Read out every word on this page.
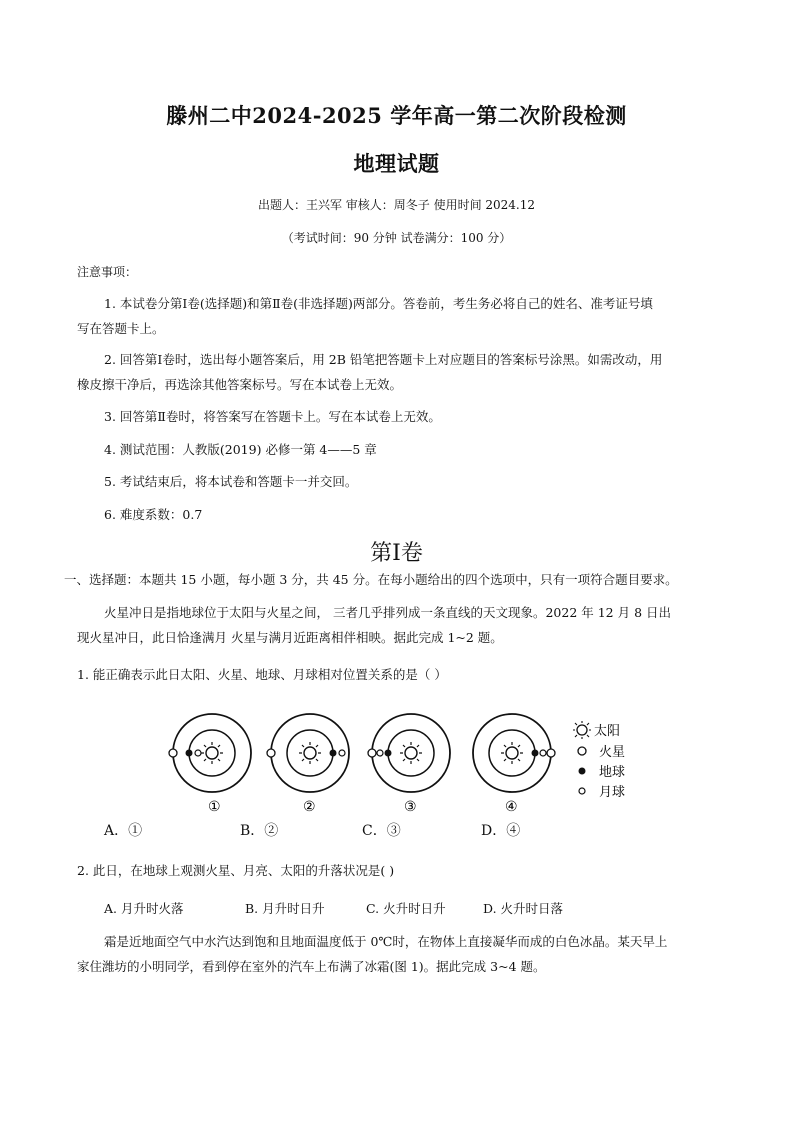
滕州二中2024-2025 学年高一第二次阶段检测
地理试题
出题人：王兴军 审核人：周冬子 使用时间 2024.12
（考试时间：90 分钟 试卷满分：100 分）
注意事项：
1. 本试卷分第Ⅰ卷(选择题)和第Ⅱ卷(非选择题)两部分。答卷前，考生务必将自己的姓名、准考证号填
写在答题卡上。
2. 回答第Ⅰ卷时，选出每小题答案后，用 2B 铅笔把答题卡上对应题目的答案标号涂黑。如需改动，用
橡皮擦干净后，再选涂其他答案标号。写在本试卷上无效。
3. 回答第Ⅱ卷时，将答案写在答题卡上。写在本试卷上无效。
4. 测试范围：人教版(2019) 必修一第 4——5 章
5. 考试结束后，将本试卷和答题卡一并交回。
6. 难度系数：0.7
第Ⅰ卷
一、选择题：本题共 15 小题，每小题 3 分，共 45 分。在每小题给出的四个选项中，只有一项符合题目要求。
火星冲日是指地球位于太阳与火星之间， 三者几乎排列成一条直线的天文现象。2022 年 12 月 8 日出
现火星冲日，此日恰逢满月 火星与满月近距离相伴相映。据此完成 1~2 题。
1. 能正确表示此日太阳、火星、地球、月球相对位置关系的是（ ）
①	②	③	④
太阳
火星
地球
月球
A．①	B．②	C．③	D．④
2. 此日，在地球上观测火星、月亮、太阳的升落状况是( )
A. 月升时火落	B. 月升时日升	C. 火升时日升	D. 火升时日落
霜是近地面空气中水汽达到饱和且地面温度低于 0℃时，在物体上直接凝华而成的白色冰晶。某天早上
家住潍坊的小明同学，看到停在室外的汽车上布满了冰霜(图 1)。据此完成 3~4 题。
